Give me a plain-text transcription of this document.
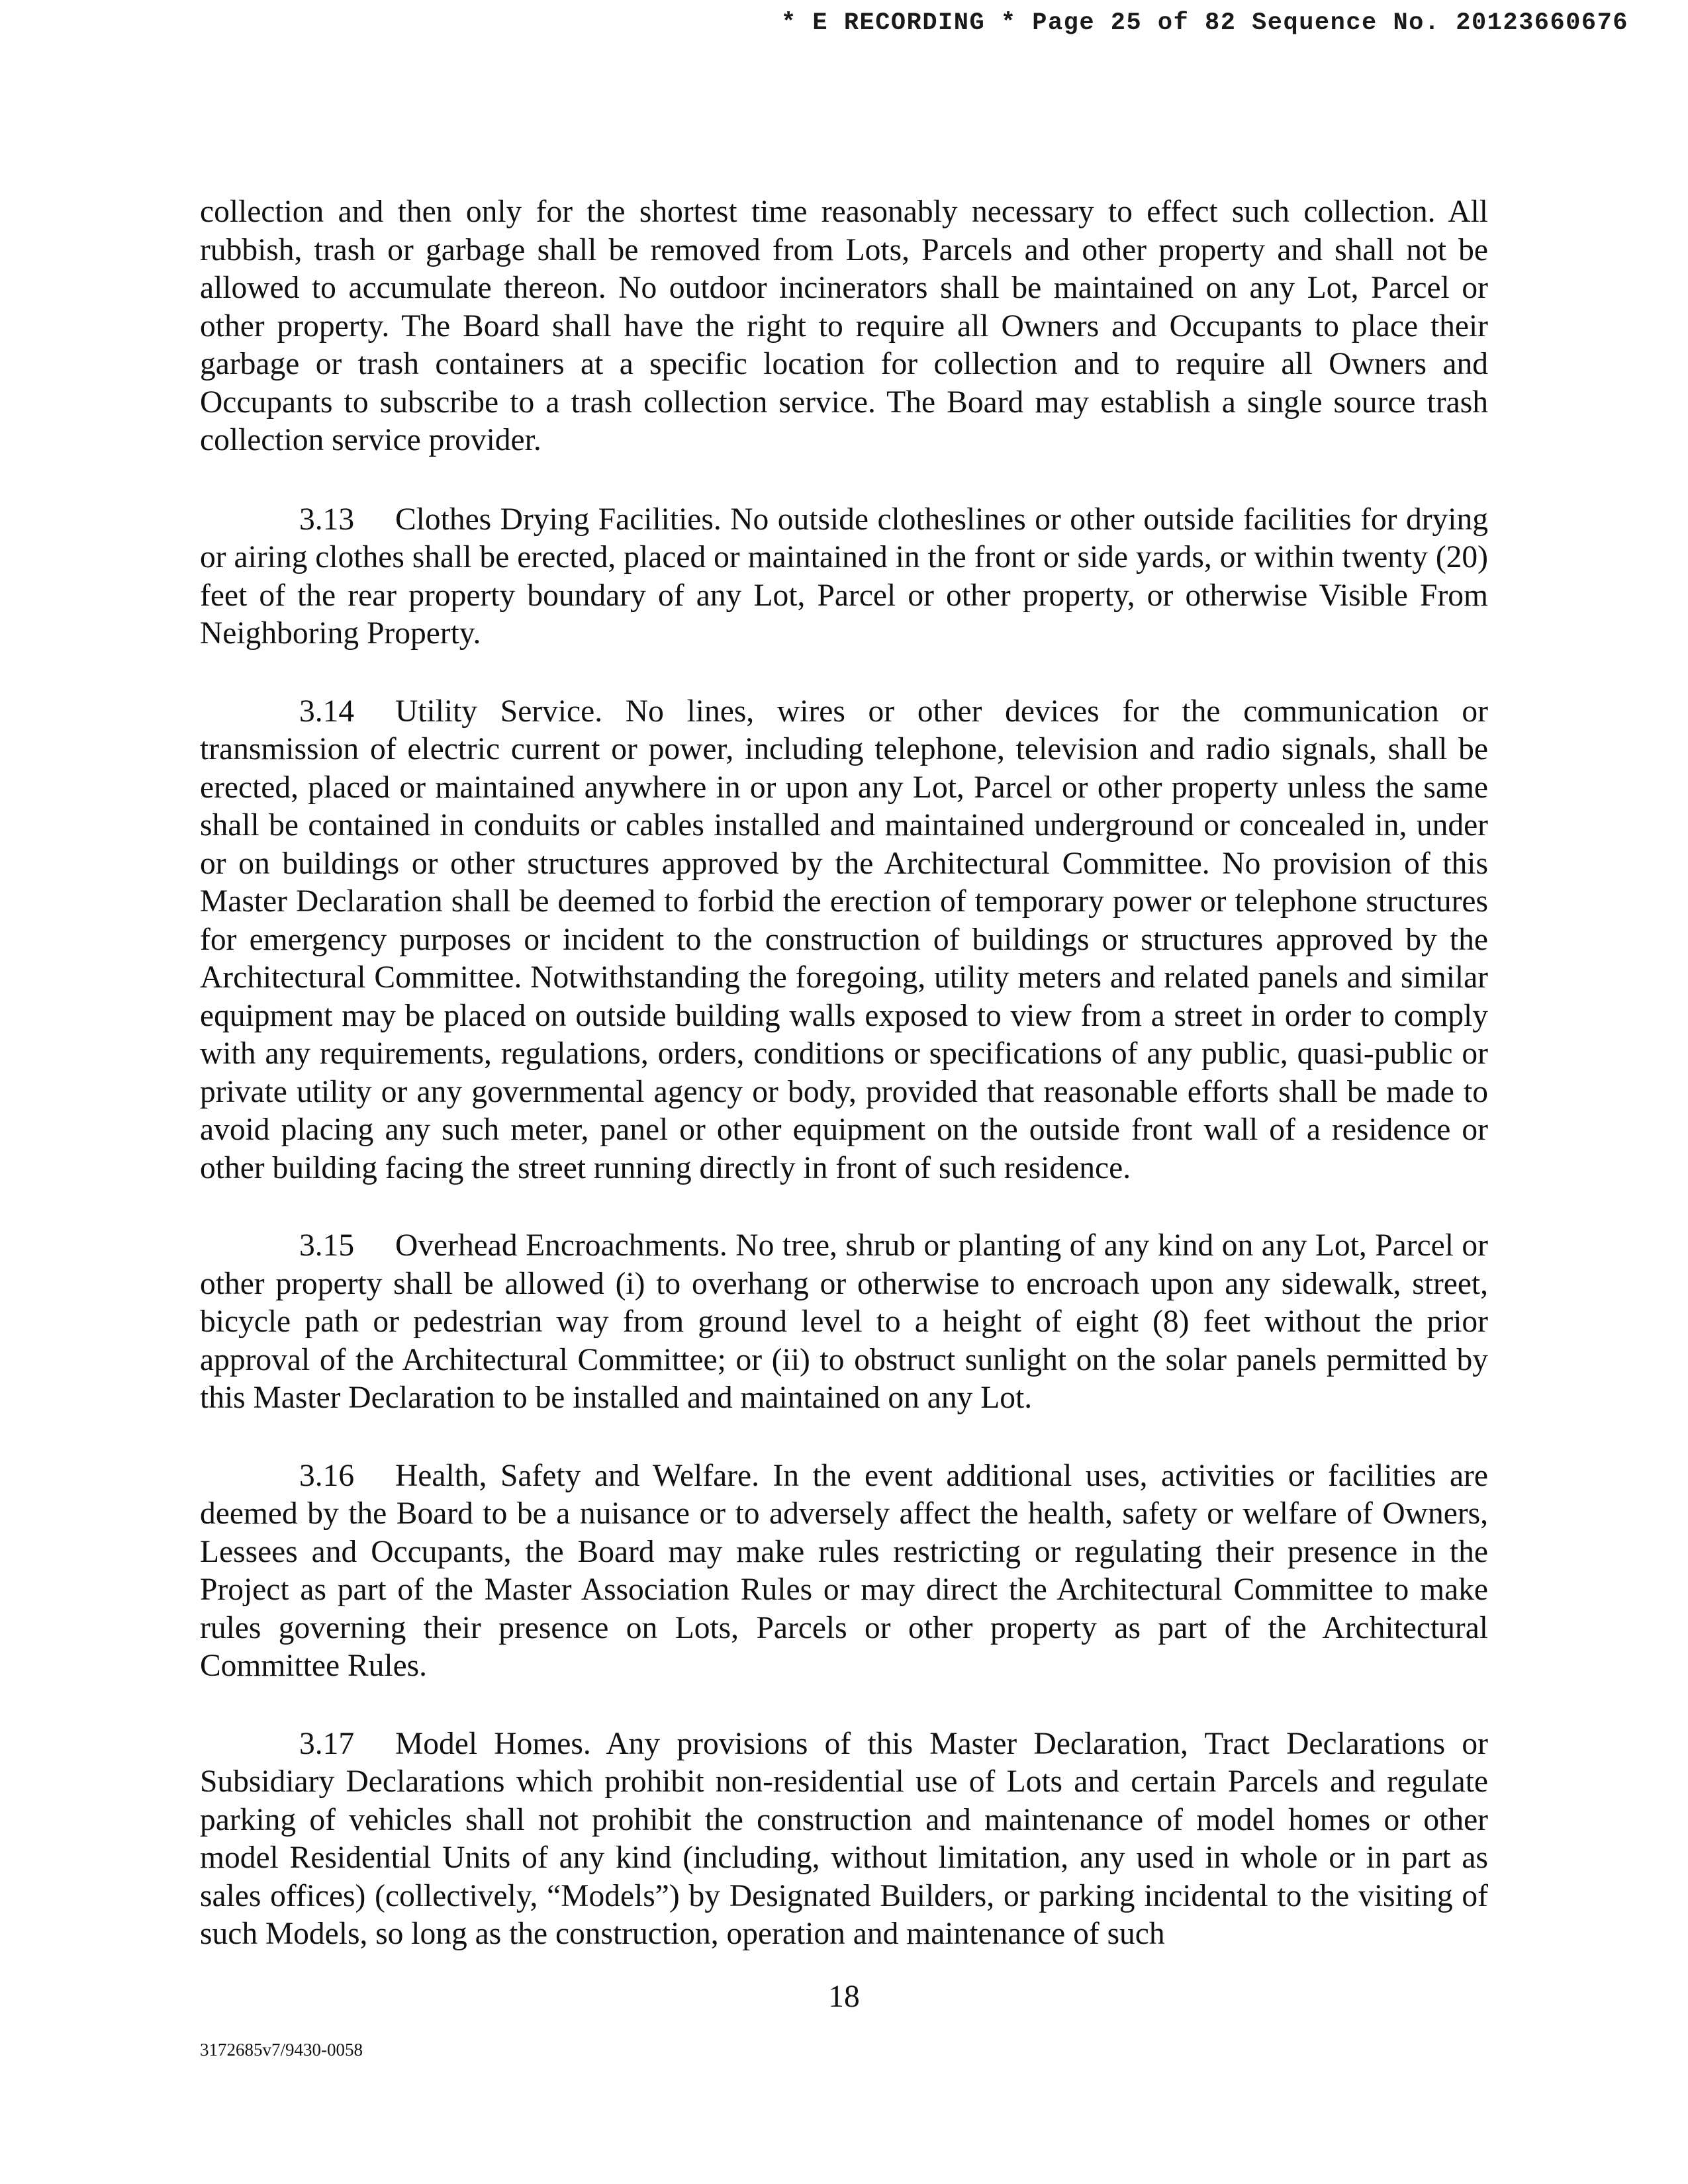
* E RECORDING * Page 25 of 82 Sequence No. 20123660676

collection and then only for the shortest time reasonably necessary to effect such collection. All rubbish, trash or garbage shall be removed from Lots, Parcels and other property and shall not be allowed to accumulate thereon. No outdoor incinerators shall be maintained on any Lot, Parcel or other property. The Board shall have the right to require all Owners and Occupants to place their garbage or trash containers at a specific location for collection and to require all Owners and Occupants to subscribe to a trash collection service. The Board may establish a single source trash collection service provider.

3.13 Clothes Drying Facilities. No outside clotheslines or other outside facilities for drying or airing clothes shall be erected, placed or maintained in the front or side yards, or within twenty (20) feet of the rear property boundary of any Lot, Parcel or other property, or otherwise Visible From Neighboring Property.

3.14 Utility Service. No lines, wires or other devices for the communication or transmission of electric current or power, including telephone, television and radio signals, shall be erected, placed or maintained anywhere in or upon any Lot, Parcel or other property unless the same shall be contained in conduits or cables installed and maintained underground or concealed in, under or on buildings or other structures approved by the Architectural Committee. No provision of this Master Declaration shall be deemed to forbid the erection of temporary power or telephone structures for emergency purposes or incident to the construction of buildings or structures approved by the Architectural Committee. Notwithstanding the foregoing, utility meters and related panels and similar equipment may be placed on outside building walls exposed to view from a street in order to comply with any requirements, regulations, orders, conditions or specifications of any public, quasi-public or private utility or any governmental agency or body, provided that reasonable efforts shall be made to avoid placing any such meter, panel or other equipment on the outside front wall of a residence or other building facing the street running directly in front of such residence.

3.15 Overhead Encroachments. No tree, shrub or planting of any kind on any Lot, Parcel or other property shall be allowed (i) to overhang or otherwise to encroach upon any sidewalk, street, bicycle path or pedestrian way from ground level to a height of eight (8) feet without the prior approval of the Architectural Committee; or (ii) to obstruct sunlight on the solar panels permitted by this Master Declaration to be installed and maintained on any Lot.

3.16 Health, Safety and Welfare. In the event additional uses, activities or facilities are deemed by the Board to be a nuisance or to adversely affect the health, safety or welfare of Owners, Lessees and Occupants, the Board may make rules restricting or regulating their presence in the Project as part of the Master Association Rules or may direct the Architectural Committee to make rules governing their presence on Lots, Parcels or other property as part of the Architectural Committee Rules.

3.17 Model Homes. Any provisions of this Master Declaration, Tract Declarations or Subsidiary Declarations which prohibit non-residential use of Lots and certain Parcels and regulate parking of vehicles shall not prohibit the construction and maintenance of model homes or other model Residential Units of any kind (including, without limitation, any used in whole or in part as sales offices) (collectively, “Models”) by Designated Builders, or parking incidental to the visiting of such Models, so long as the construction, operation and maintenance of such

18
3172685v7/9430-0058
